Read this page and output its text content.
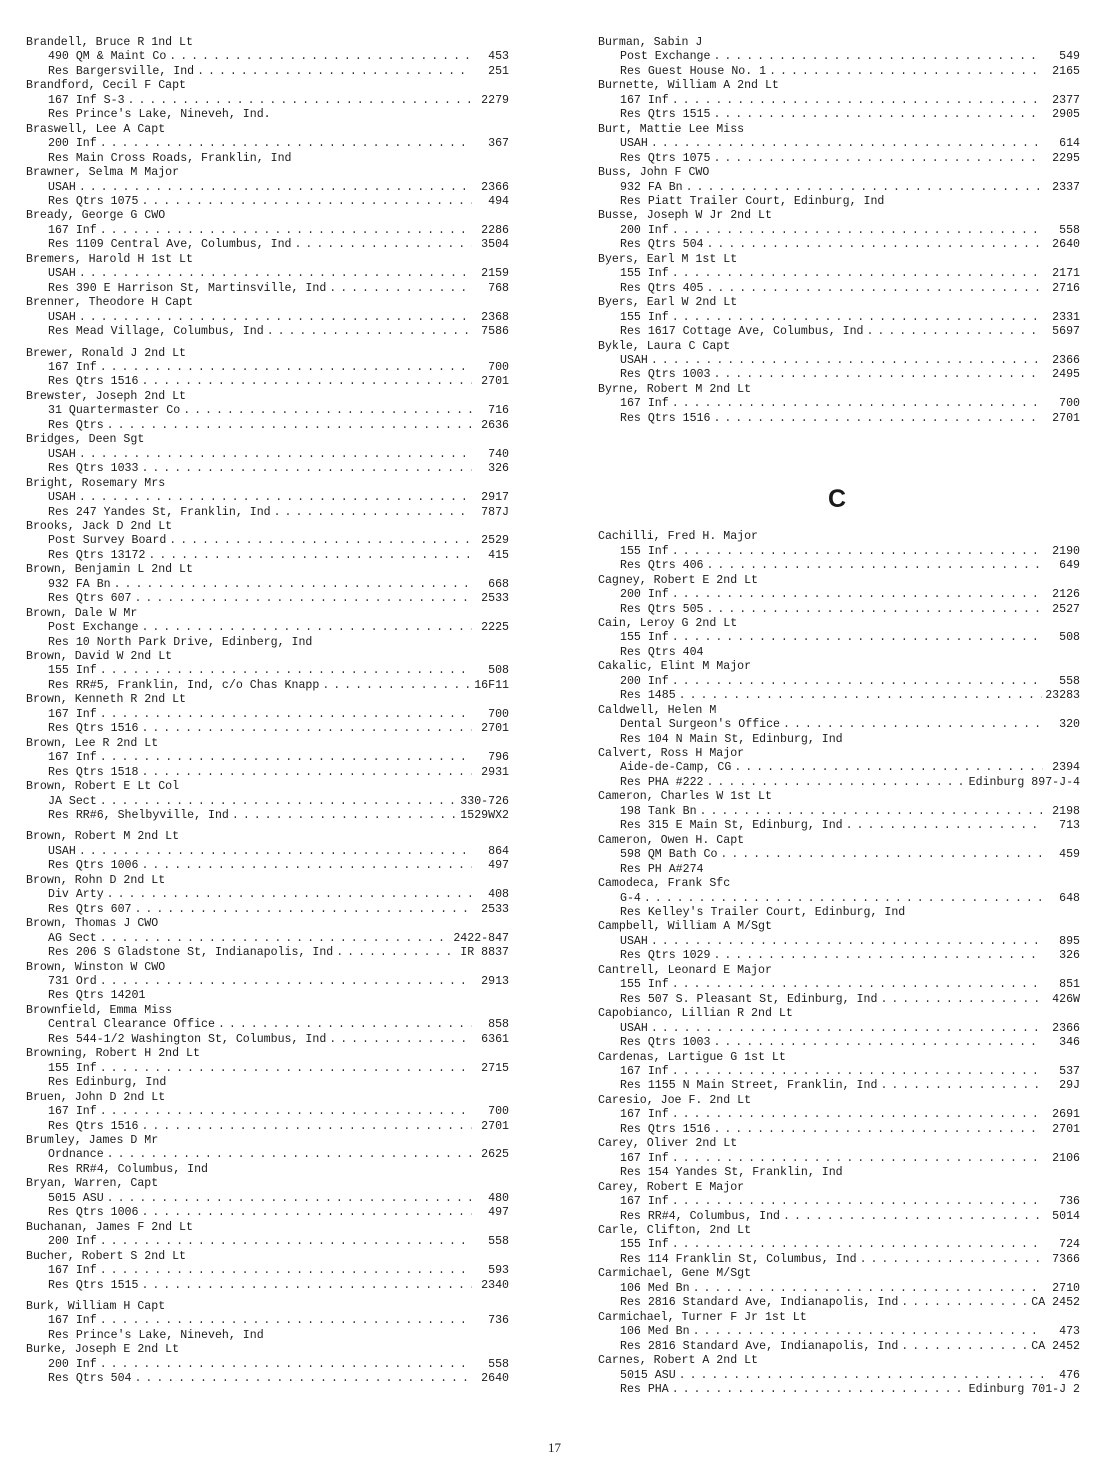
Brandell, Bruce R 1nd Lt
490 QM & Maint Co . . .	453
Res Bargersville, Ind . . .	251
Brandford, Cecil F Capt
167 Inf S-3 . . .	2279
Res Prince's Lake, Nineveh, Ind.
Braswell, Lee A Capt
200 Inf . . .	367
Res Main Cross Roads, Franklin, Ind
Brawner, Selma M Major
USAH . . .	2366
Res Qtrs 1075 . . .	494
Bready, George G CWO
167 Inf . . .	2286
Res 1109 Central Ave, Columbus, Ind . . .	3504
Bremers, Harold H 1st Lt
USAH . . .	2159
Res 390 E Harrison St, Martinsville, Ind . . .	768
Brenner, Theodore H Capt
USAH . . .	2368
Res Mead Village, Columbus, Ind . . .	7586
Brewer, Ronald J 2nd Lt
167 Inf . . .	700
Res Qtrs 1516 . . .	2701
Brewster, Joseph 2nd Lt
31 Quartermaster Co . . .	716
Res Qtrs . . .	2636
Bridges, Deen Sgt
USAH . . .	740
Res Qtrs 1033 . . .	326
Bright, Rosemary Mrs
USAH . . .	2917
Res 247 Yandes St, Franklin, Ind . . .	787J
Brooks, Jack D 2nd Lt
Post Survey Board . . .	2529
Res Qtrs 13172 . . .	415
Brown, Benjamin L 2nd Lt
932 FA Bn . . .	668
Res Qtrs 607 . . .	2533
Brown, Dale W Mr
Post Exchange . . .	2225
Res 10 North Park Drive, Edinberg, Ind
Brown, David W 2nd Lt
155 Inf . . .	508
Res RR#5, Franklin, Ind, c/o Chas Knapp . . .	16F11
Brown, Kenneth R 2nd Lt
167 Inf . . .	700
Res Qtrs 1516 . . .	2701
Brown, Lee R 2nd Lt
167 Inf . . .	796
Res Qtrs 1518 . . .	2931
Brown, Robert E Lt Col
JA Sect . . .	330-726
Res RR#6, Shelbyville, Ind . . .	1529WX2
Brown, Robert M 2nd Lt
USAH . . .	864
Res Qtrs 1006 . . .	497
Brown, Rohn D 2nd Lt
Div Arty . . .	408
Res Qtrs 607 . . .	2533
Brown, Thomas J CWO
AG Sect . . .	2422-847
Res 206 S Gladstone St, Indianapolis, Ind . . .	IR 8837
Brown, Winston W CWO
731 Ord . . .	2913
Res Qtrs 14201
Brownfield, Emma Miss
Central Clearance Office . . .	858
Res 544-1/2 Washington St, Columbus, Ind . . .	6361
Browning, Robert H 2nd Lt
155 Inf . . .	2715
Res Edinburg, Ind
Bruen, John D 2nd Lt
167 Inf . . .	700
Res Qtrs 1516 . . .	2701
Brumley, James D Mr
Ordnance . . .	2625
Res RR#4, Columbus, Ind
Bryan, Warren, Capt
5015 ASU . . .	480
Res Qtrs 1006 . . .	497
Buchanan, James F 2nd Lt
200 Inf . . .	558
Bucher, Robert S 2nd Lt
167 Inf . . .	593
Res Qtrs 1515 . . .	2340
Burk, William H Capt
167 Inf . . .	736
Res Prince's Lake, Nineveh, Ind
Burke, Joseph E 2nd Lt
200 Inf . . .	558
Res Qtrs 504 . . .	2640
Burman, Sabin J
Post Exchange . . .	549
Res Guest House No. 1 . . .	2165
Burnette, William A 2nd Lt
167 Inf . . .	2377
Res Qtrs 1515 . . .	2905
Burt, Mattie Lee Miss
USAH . . .	614
Res Qtrs 1075 . . .	2295
Buss, John F CWO
932 FA Bn . . .	2337
Res Piatt Trailer Court, Edinburg, Ind
Busse, Joseph W Jr 2nd Lt
200 Inf . . .	558
Res Qtrs 504 . . .	2640
Byers, Earl M 1st Lt
155 Inf . . .	2171
Res Qtrs 405 . . .	2716
Byers, Earl W 2nd Lt
155 Inf . . .	2331
Res 1617 Cottage Ave, Columbus, Ind . . .	5697
Bykle, Laura C Capt
USAH . . .	2366
Res Qtrs 1003 . . .	2495
Byrne, Robert M 2nd Lt
167 Inf . . .	700
Res Qtrs 1516 . . .	2701
C
Cachilli, Fred H. Major
155 Inf . . .	2190
Res Qtrs 406 . . .	649
Cagney, Robert E 2nd Lt
200 Inf . . .	2126
Res Qtrs 505 . . .	2527
Cain, Leroy G 2nd Lt
155 Inf . . .	508
Res Qtrs 404
Cakalic, Elint M Major
200 Inf . . .	558
Res 1485 . . .	23283
Caldwell, Helen M
Dental Surgeon's Office . . .	320
Res 104 N Main St, Edinburg, Ind
Calvert, Ross H Major
Aide-de-Camp, CG . . .	2394
Res PHA #222 . . .	Edinburg 897-J-4
Cameron, Charles W 1st Lt
198 Tank Bn . . .	2198
Res 315 E Main St, Edinburg, Ind . . .	713
Cameron, Owen H. Capt
598 QM Bath Co . . .	459
Res PH A#274
Camodeca, Frank Sfc
G-4 . . .	648
Res Kelley's Trailer Court, Edinburg, Ind
Campbell, William A M/Sgt
USAH . . .	895
Res Qtrs 1029 . . .	326
Cantrell, Leonard E Major
155 Inf . . .	851
Res 507 S. Pleasant St, Edinburg, Ind . . .	426W
Capobianco, Lillian R 2nd Lt
USAH . . .	2366
Res Qtrs 1003 . . .	346
Cardenas, Lartigue G 1st Lt
167 Inf . . .	537
Res 1155 N Main Street, Franklin, Ind . . .	29J
Caresio, Joe F. 2nd Lt
167 Inf . . .	2691
Res Qtrs 1516 . . .	2701
Carey, Oliver 2nd Lt
167 Inf . . .	2106
Res 154 Yandes St, Franklin, Ind
Carey, Robert E Major
167 Inf . . .	736
Res RR#4, Columbus, Ind . . .	5014
Carle, Clifton, 2nd Lt
155 Inf . . .	724
Res 114 Franklin St, Columbus, Ind . . .	7366
Carmichael, Gene M/Sgt
106 Med Bn . . .	2710
Res 2816 Standard Ave, Indianapolis, Ind . . .	CA 2452
Carmichael, Turner F Jr 1st Lt
106 Med Bn . . .	473
Res 2816 Standard Ave, Indianapolis, Ind . . .	CA 2452
Carnes, Robert A 2nd Lt
5015 ASU . . .	476
Res PHA . . .	Edinburg 701-J 2
17
